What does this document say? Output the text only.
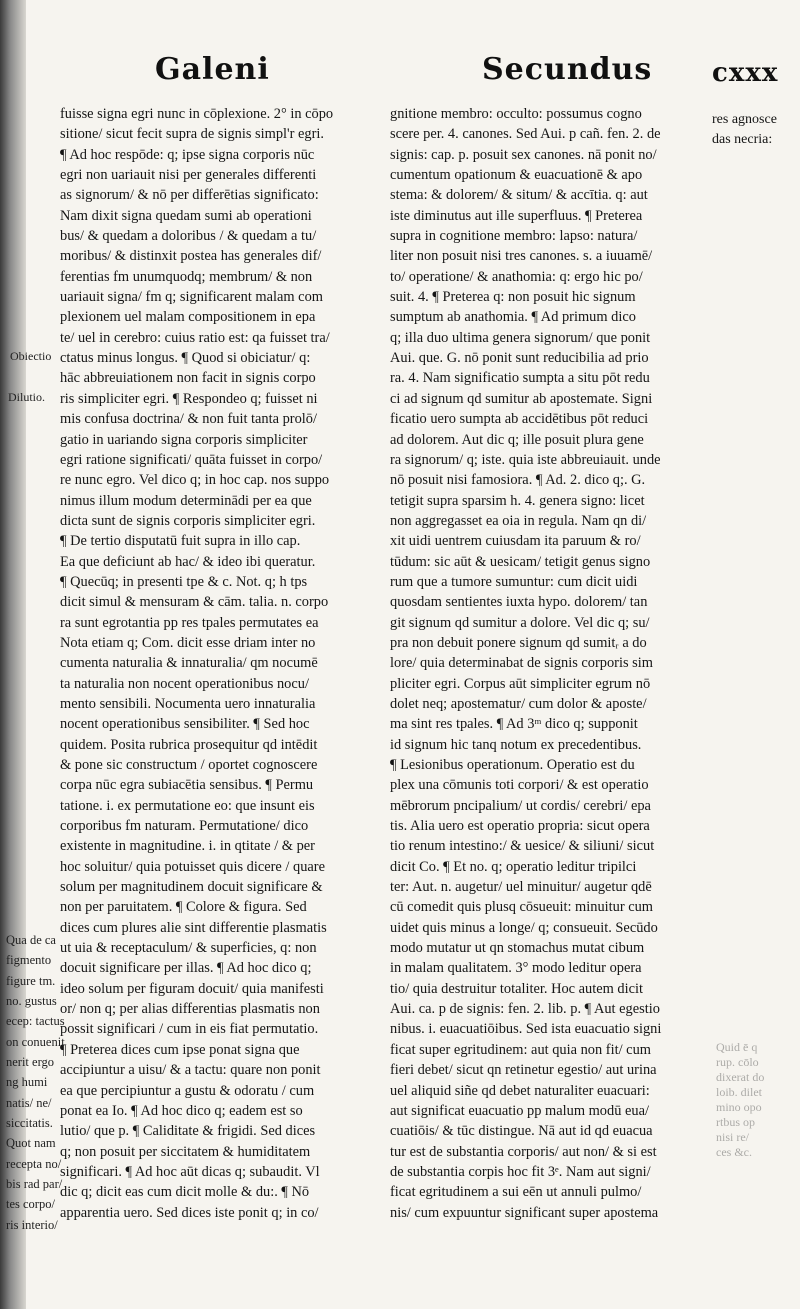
Galeni	Secundus cxxx
fuisse signa egri nunc in cōplexione. 2° in cōpo
sitione/ sicut fecit supra de signis simpl'r egri.
¶ Ad hoc respōde: q; ipse signa corporis nūc
egri non uariauit nisi per generales differenti
as signorum/ & nō per differētias significato:
Nam dixit signa quedam sumi ab operationi
bus/ & quedam a doloribus / & quedam a tu/
moribus/ & distinxit postea has generales dif/
ferentias fm unumquodq; membrum/ & non
uariauit signa/ fm q; significarent malam com
plexionem uel malam compositionem in epa
te/ uel in cerebro: cuius ratio est: qa fuisset tra/
ctatus minus longus. ¶ Quod si obiciatur/ q:
hāc abbreuiationem non facit in signis corpo
ris simpliciter egri. ¶ Respondeo q; fuisset ni
mis confusa doctrina/ & non fuit tanta prolō/
gatio in uariando signa corporis simpliciter
egri ratione significati/ quāta fuisset in corpo/
re nunc egro. Vel dico q; in hoc cap. nos suppo
nimus illum modum determinādi per ea que
dicta sunt de signis corporis simpliciter egri.
¶ De tertio disputatū fuit supra in illo cap.
Ea que deficiunt ab hac/ & ideo ibi queratur.
¶ Quecūq; in presenti tpe & c. Not. q; h tps
dicit simul & mensuram & cām. talia. n. corpo
ra sunt egrotantia pp res tpales permutates ea
Nota etiam q; Com. dicit esse driam inter no
cumenta naturalia & innaturalia/ qm nocumē
ta naturalia non nocent operationibus nocu/
mento sensibili. Nocumenta uero innaturalia
nocent operationibus sensibiliter. ¶ Sed hoc
quidem. Posita rubrica prosequitur qd intēdit
& pone sic constructum / oportet cognoscere
corpa nūc egra subiacētia sensibus. ¶ Permu
tatione. i. ex permutatione eo: que insunt eis
corporibus fm naturam. Permutatione/ dico
existente in magnitudine. i. in qtitate / & per
hoc soluitur/ quia potuisset quis dicere / quare
solum per magnitudinem docuit significare &
non per paruitatem. ¶ Colore & figura. Sed
dices cum plures alie sint differentie plasmatis
ut uia & receptaculum/ & superficies, q: non
docuit significare per illas. ¶ Ad hoc dico q;
ideo solum per figuram docuit/ quia manifesti
or/ non q; per alias differentias plasmatis non
possit significari / cum in eis fiat permutatio.
¶ Preterea dices cum ipse ponat signa que
accipiuntur a uisu/ & a tactu: quare non ponit
ea que percipiuntur a gustu & odoratu / cum
ponat ea Io. ¶ Ad hoc dico q; eadem est so
lutio/ que p. ¶ Caliditate & frigidi. Sed dices
q; non posuit per siccitatem & humiditatem
significari. ¶ Ad hoc aūt dicas q; subaudit. Vl
dic q; dicit eas cum dicit molle & du:. ¶ Nō
apparentia uero. Sed dices iste ponit q; in co/
gnitione membro: occulto: possumus cogno
scere per. 4. canones. Sed Aui. p cañ. fen. 2. de
signis: cap. p. posuit sex canones. nā ponit no/
cumentum opationum & euacuationē & apo
stema: & dolorem/ & situm/ & accītia. q: aut
iste diminutus aut ille superfluus. ¶ Preterea
supra in cognitione membro: lapso: natura/
liter non posuit nisi tres canones. s. a iuuamē/
to/ operatione/ & anathomia: q: ergo hic po/
suit. 4. ¶ Preterea q: non posuit hic signum
sumptum ab anathomia. ¶ Ad primum dico
q; illa duo ultima genera signorum/ que ponit
Aui. que. G. nō ponit sunt reducibilia ad prio
ra. 4. Nam significatio sumpta a situ pōt redu
ci ad signum qd sumitur ab apostemate. Signi
ficatio uero sumpta ab accidētibus pōt reduci
ad dolorem. Aut dic q; ille posuit plura gene
ra signorum/ q; iste. quia iste abbreuiauit. unde
nō posuit nisi famosiora. ¶ Ad. 2. dico q;. G.
tetigit supra sparsim h. 4. genera signo: licet
non aggregasset ea oia in regula. Nam qn di/
xit uidi uentrem cuiusdam ita paruum & ro/
tūdum: sic aūt & uesicam/ tetigit genus signo
rum que a tumore sumuntur: cum dicit uidi
quosdam sentientes iuxta hypo. dolorem/ tan
git signum qd sumitur a dolore. Vel dic q; su/
pra non debuit ponere signum qd sumitᵣ a do
lore/ quia determinabat de signis corporis sim
pliciter egri. Corpus aūt simpliciter egrum nō
dolet neq; apostematur/ cum dolor & aposte/
ma sint res tpales. ¶ Ad 3ᵐ dico q; supponit
id signum hic tanq notum ex precedentibus.
¶ Lesionibus operationum. Operatio est du
plex una cōmunis toti corpori/ & est operatio
mēbrorum pncipalium/ ut cordis/ cerebri/ epa
tis. Alia uero est operatio propria: sicut opera
tio renum intestino:/ & uesice/ & siliuni/ sicut
dicit Co. ¶ Et no. q; operatio leditur tripilci
ter: Aut. n. augetur/ uel minuitur/ augetur qdē
cū comedit quis plusq cōsueuit: minuitur cum
uidet quis minus a longe/ q; consueuit. Secūdo
modo mutatur ut qn stomachus mutat cibum
in malam qualitatem. 3° modo leditur opera
tio/ quia destruitur totaliter. Hoc autem dicit
Aui. ca. p de signis: fen. 2. lib. p. ¶ Aut egestio
nibus. i. euacuatiōibus. Sed ista euacuatio signi
ficat super egritudinem: aut quia non fit/ cum
fieri debet/ sicut qn retinetur egestio/ aut urina
uel aliquid siñe qd debet naturaliter euacuari:
aut significat euacuatio pp malum modū eua/
cuatiōis/ & tūc distingue. Nā aut id qd euacua
tur est de substantia corporis/ aut non/ & si est
de substantia corpis hoc fit 3ᵉ. Nam aut signi/
ficat egritudinem a sui eēn ut annuli pulmo/
nis/ cum expuuntur significant super apostema
Obiectio
Dilutio.
Qua de ca
figmento
figure tm.
no. gustus
ecep: tactus
on conuenit
nerit ergo
ng humi
natis/ ne/
siccitatis.
Quot nam
recepta no/
bis rad par/
tes corpo/
ris interio/
res agnosce
das necria:
Quid ē q
rup. cōlo
dixerat do
loib. dilet
mino opo
rtbus op
nisi re/
ces &c.
